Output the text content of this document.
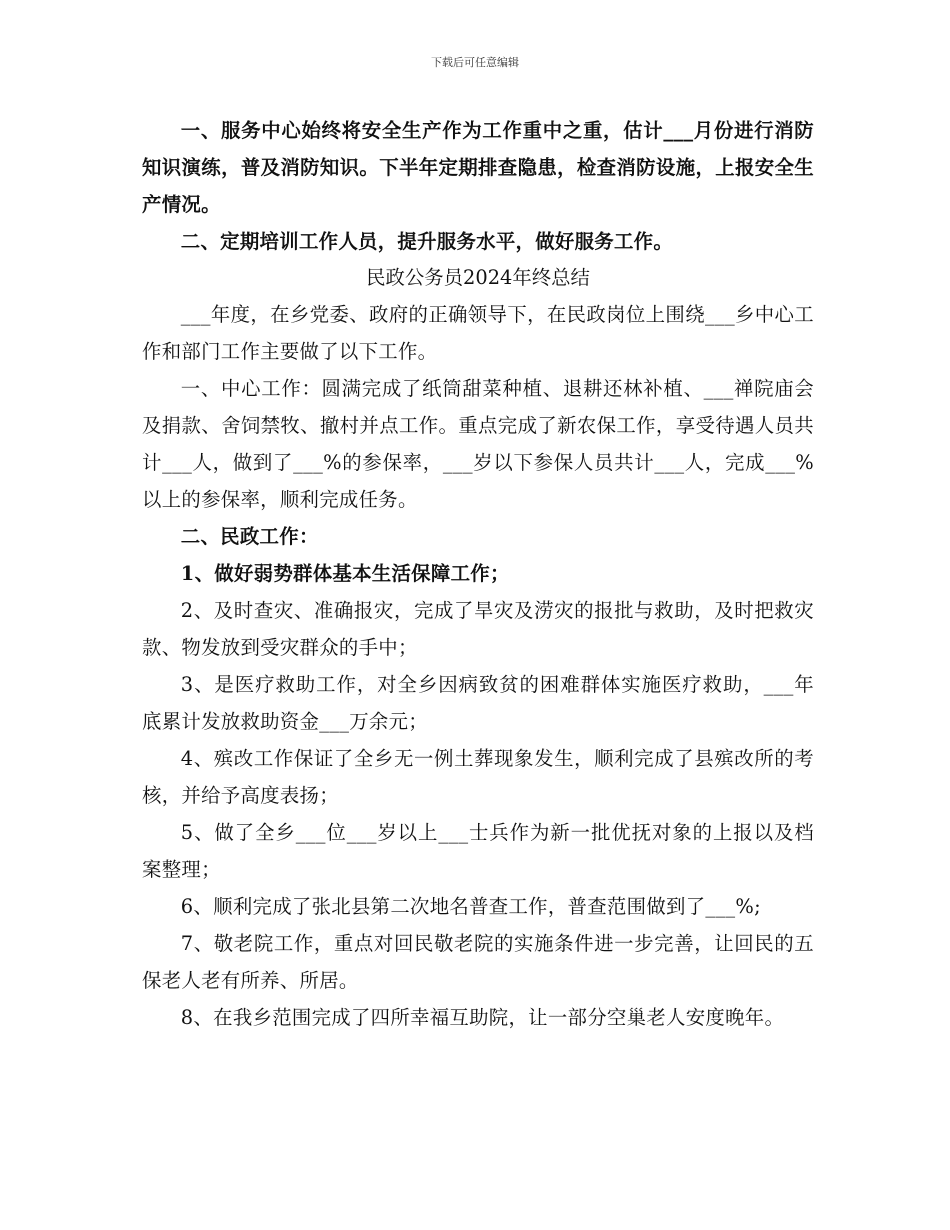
下载后可任意编辑

一、服务中心始终将安全生产作为工作重中之重，估计___月份进行消防知识演练，普及消防知识。下半年定期排查隐患，检查消防设施，上报安全生产情况。

二、定期培训工作人员，提升服务水平，做好服务工作。

民政公务员2024年终总结

___年度，在乡党委、政府的正确领导下，在民政岗位上围绕___乡中心工作和部门工作主要做了以下工作。

一、中心工作：圆满完成了纸筒甜菜种植、退耕还林补植、___禅院庙会及捐款、舍饲禁牧、撤村并点工作。重点完成了新农保工作，享受待遇人员共计___人，做到了___%的参保率，___岁以下参保人员共计___人，完成___%以上的参保率，顺利完成任务。

二、民政工作：

1、做好弱势群体基本生活保障工作；

2、及时查灾、准确报灾，完成了旱灾及涝灾的报批与救助，及时把救灾款、物发放到受灾群众的手中；

3、是医疗救助工作，对全乡因病致贫的困难群体实施医疗救助，___年底累计发放救助资金___万余元；

4、殡改工作保证了全乡无一例土葬现象发生，顺利完成了县殡改所的考核，并给予高度表扬；

5、做了全乡___位___岁以上___士兵作为新一批优抚对象的上报以及档案整理；

6、顺利完成了张北县第二次地名普查工作，普查范围做到了___%;

7、敬老院工作，重点对回民敬老院的实施条件进一步完善，让回民的五保老人老有所养、所居。

8、在我乡范围完成了四所幸福互助院，让一部分空巢老人安度晚年。
